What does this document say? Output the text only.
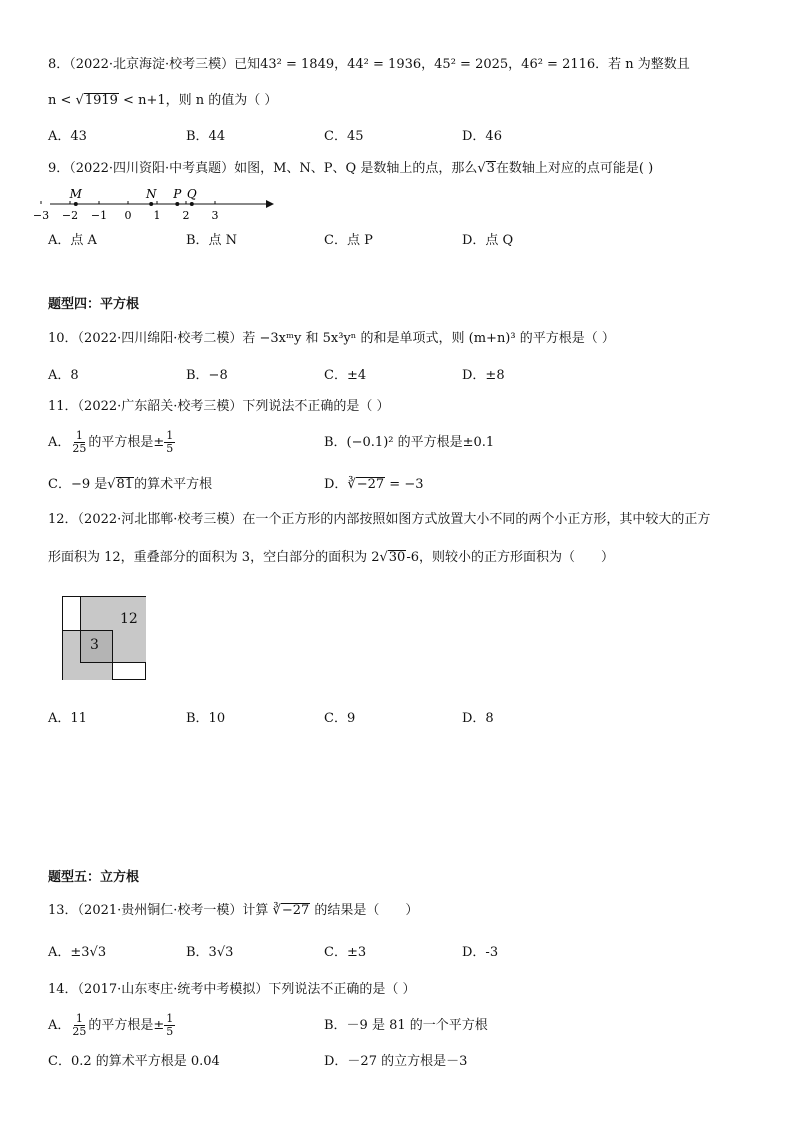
8．（2022·北京海淀·校考三模）已知43² = 1849，44² = 1936，45² = 2025，46² = 2116．若 n 为整数且
n < √1919 < n+1，则 n 的值为（ ）
A．43	B．44	C．45	D．46
9．（2022·四川资阳·中考真题）如图，M、N、P、Q 是数轴上的点，那么√3在数轴上对应的点可能是( )
−3 −2 −1 0 1 2 3
M	N P Q
A．点 A	B．点 N	C．点 P	D．点 Q
题型四：平方根
10．（2022·四川绵阳·校考二模）若 −3xᵐy 和 5x³yⁿ 的和是单项式，则 (m+n)³ 的平方根是（ ）
A．8	B．−8	C．±4	D．±8
11．（2022·广东韶关·校考三模）下列说法不正确的是（ ）
A． $\frac{1}{25}$ 的平方根是± $\frac{1}{5}$	B．(−0.1)² 的平方根是±0.1
C．−9 是√81的算术平方根	D．∛−27 = −3
12．（2022·河北邯郸·校考三模）在一个正方形的内部按照如图方式放置大小不同的两个小正方形，其中较大的正方
形面积为 12，重叠部分的面积为 3，空白部分的面积为 2√30-6，则较小的正方形面积为（　　）
12
3
A．11	B．10	C．9	D．8
题型五：立方根
13．（2021·贵州铜仁·校考一模）计算 ∛−27 的结果是（　　）
A．±3√3	B．3√3	C．±3	D．-3
14．（2017·山东枣庄·统考中考模拟）下列说法不正确的是（ ）
A． $\frac{1}{25}$ 的平方根是± $\frac{1}{5}$	B．－9 是 81 的一个平方根
C．0.2 的算术平方根是 0.04	D．－27 的立方根是－3
